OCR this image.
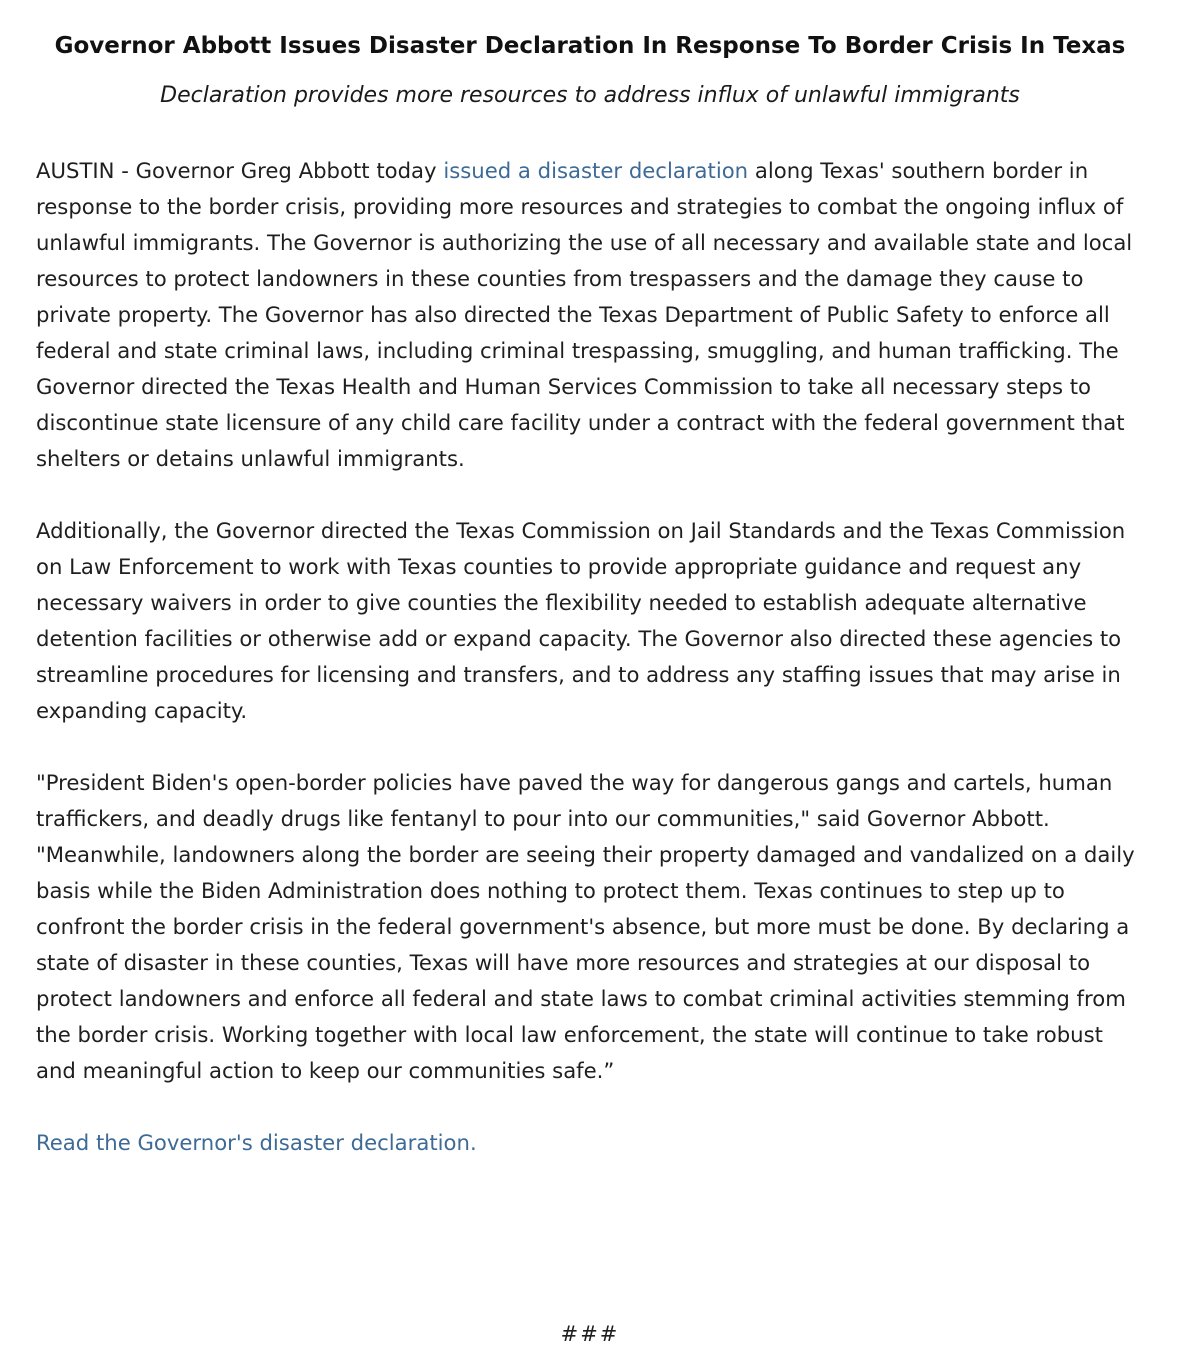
Governor Abbott Issues Disaster Declaration In Response To Border Crisis In Texas

Declaration provides more resources to address influx of unlawful immigrants

AUSTIN - Governor Greg Abbott today issued a disaster declaration along Texas' southern border in response to the border crisis, providing more resources and strategies to combat the ongoing influx of unlawful immigrants. The Governor is authorizing the use of all necessary and available state and local resources to protect landowners in these counties from trespassers and the damage they cause to private property. The Governor has also directed the Texas Department of Public Safety to enforce all federal and state criminal laws, including criminal trespassing, smuggling, and human trafficking. The Governor directed the Texas Health and Human Services Commission to take all necessary steps to discontinue state licensure of any child care facility under a contract with the federal government that shelters or detains unlawful immigrants.

Additionally, the Governor directed the Texas Commission on Jail Standards and the Texas Commission on Law Enforcement to work with Texas counties to provide appropriate guidance and request any necessary waivers in order to give counties the flexibility needed to establish adequate alternative detention facilities or otherwise add or expand capacity. The Governor also directed these agencies to streamline procedures for licensing and transfers, and to address any staffing issues that may arise in expanding capacity.

"President Biden's open-border policies have paved the way for dangerous gangs and cartels, human traffickers, and deadly drugs like fentanyl to pour into our communities," said Governor Abbott. "Meanwhile, landowners along the border are seeing their property damaged and vandalized on a daily basis while the Biden Administration does nothing to protect them. Texas continues to step up to confront the border crisis in the federal government's absence, but more must be done. By declaring a state of disaster in these counties, Texas will have more resources and strategies at our disposal to protect landowners and enforce all federal and state laws to combat criminal activities stemming from the border crisis. Working together with local law enforcement, the state will continue to take robust and meaningful action to keep our communities safe.”

Read the Governor's disaster declaration.

###
